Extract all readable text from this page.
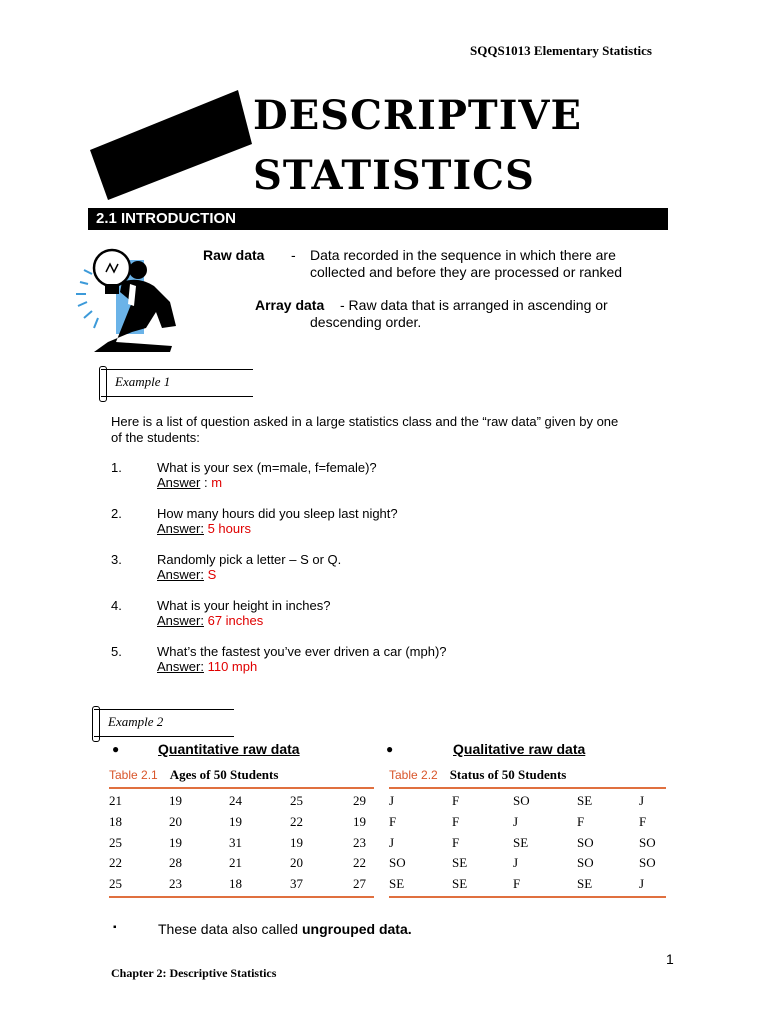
SQQS1013 Elementary Statistics
DESCRIPTIVE
STATISTICS
2.1 INTRODUCTION
Raw data - Data recorded in the sequence in which there are
collected and before they are processed or ranked
Array data - Raw data that is arranged in ascending or
descending order.
Example 1
Here is a list of question asked in a large statistics class and the “raw data” given by one
of the students:
1.	What is your sex (m=male, f=female)?
Answer : m
2.	How many hours did you sleep last night?
Answer: 5 hours
3.	Randomly pick a letter – S or Q.
Answer: S
4.	What is your height in inches?
Answer: 67 inches
5.	What’s the fastest you’ve ever driven a car (mph)?
Answer: 110 mph
Example 2
●	Quantitative raw data	●	Qualitative raw data
Table 2.1 Ages of 50 Students
21	19	24	25	29
18	20	19	22	19
25	19	31	19	23
22	28	21	20	22
25	23	18	37	27
Table 2.2 Status of 50 Students
J	F	SO	SE	J
F	F	J	F	F
J	F	SE	SO	SO
SO	SE	J	SO	SO
SE	SE	F	SE	J
▪	These data also called ungrouped data.
1
Chapter 2: Descriptive Statistics
